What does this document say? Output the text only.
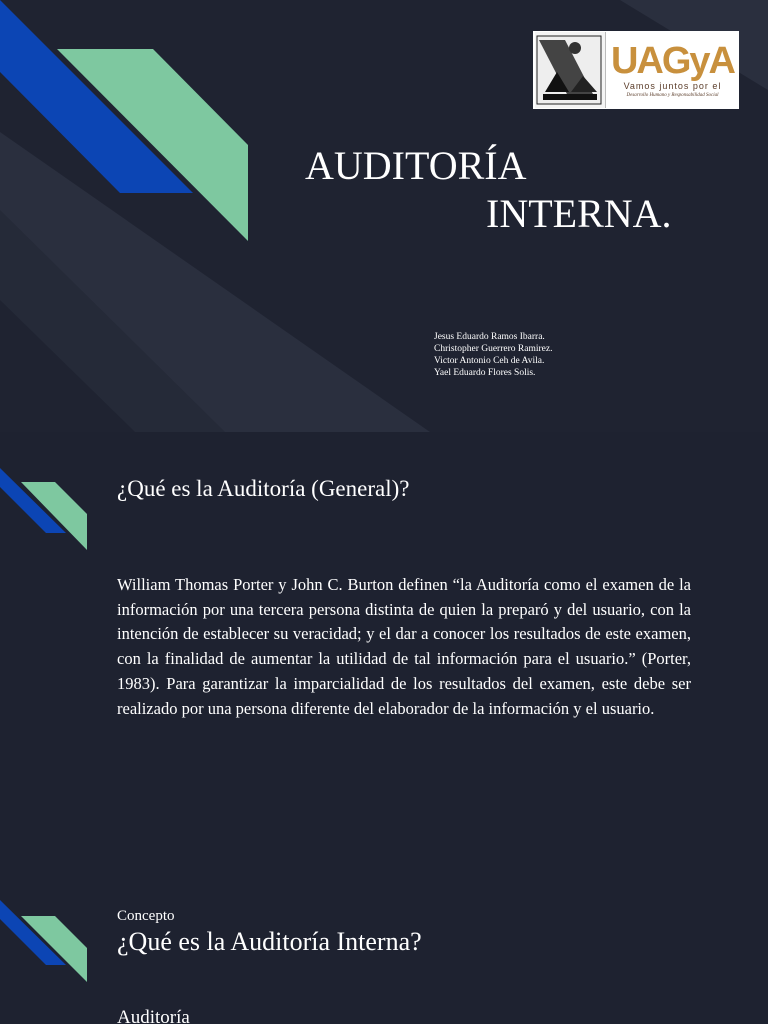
UAGyA
Vamos juntos por el
Desarrollo Humano y Responsabilidad Social
AUDITORÍA
INTERNA.
Jesus Eduardo Ramos Ibarra.
Christopher Guerrero Ramirez.
Victor Antonio Ceh de Avila.
Yael Eduardo Flores Solis.
¿Qué es la Auditoría (General)?
William Thomas Porter y John C. Burton definen “la Auditoría como el examen de la información por una tercera persona distinta de quien la preparó y del usuario, con la intención de establecer su veracidad; y el dar a conocer los resultados de este examen, con la finalidad de aumentar la utilidad de tal información para el usuario.” (Porter, 1983). Para garantizar la imparcialidad de los resultados del examen, este debe ser realizado por una persona diferente del elaborador de la información y el usuario.
Concepto
¿Qué es la Auditoría Interna?
Auditoría
